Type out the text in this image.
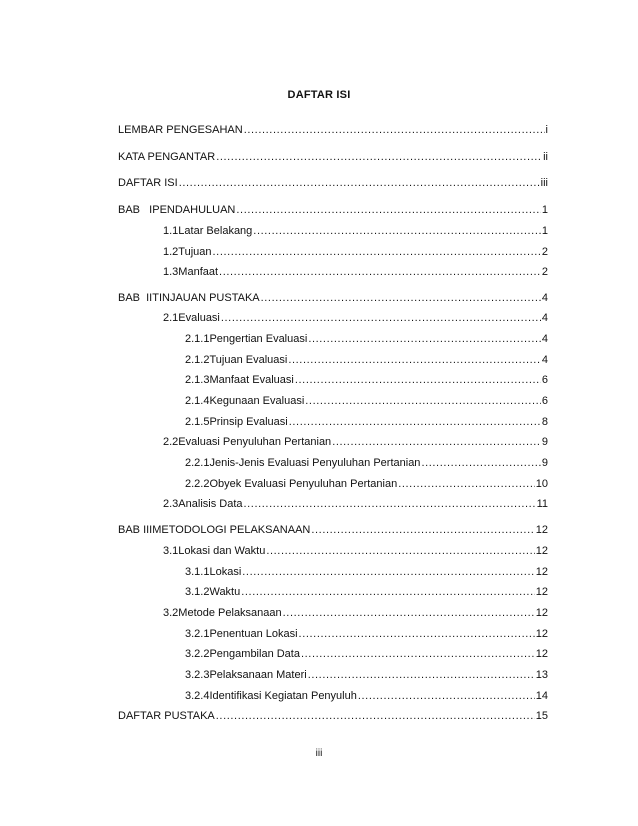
DAFTAR ISI
LEMBAR PENGESAHAN .....	i
KATA PENGANTAR .....	ii
DAFTAR ISI .....	iii
BAB   I PENDAHULUAN .....	1
1.1 Latar Belakang .....	1
1.2 Tujuan .....	2
1.3 Manfaat .....	2
BAB  II TINJAUAN PUSTAKA .....	4
2.1 Evaluasi .....	4
2.1.1 Pengertian Evaluasi .....	4
2.1.2 Tujuan Evaluasi .....	4
2.1.3 Manfaat Evaluasi .....	6
2.1.4 Kegunaan Evaluasi .....	6
2.1.5 Prinsip Evaluasi .....	8
2.2 Evaluasi Penyuluhan Pertanian .....	9
2.2.1 Jenis-Jenis Evaluasi Penyuluhan Pertanian .....	9
2.2.2 Obyek Evaluasi Penyuluhan Pertanian .....	10
2.3 Analisis Data .....	11
BAB III METODOLOGI PELAKSANAAN .....	12
3.1 Lokasi dan Waktu .....	12
3.1.1 Lokasi .....	12
3.1.2 Waktu .....	12
3.2 Metode Pelaksanaan .....	12
3.2.1 Penentuan Lokasi .....	12
3.2.2 Pengambilan Data .....	12
3.2.3 Pelaksanaan Materi .....	13
3.2.4 Identifikasi Kegiatan Penyuluh .....	14
DAFTAR PUSTAKA .....	15
iii
